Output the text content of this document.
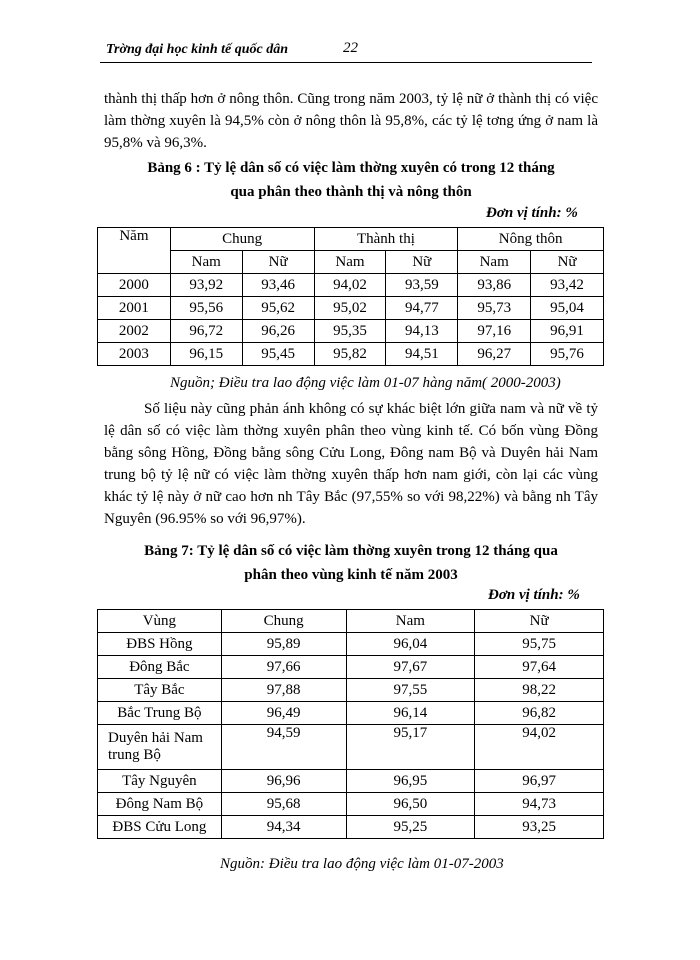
Trờng đại học kinh tế quốc dân	22

thành thị thấp hơn ở nông thôn. Cũng trong năm 2003, tỷ lệ nữ ở thành thị có việc làm thờng xuyên là 94,5% còn ở nông thôn là 95,8%, các tỷ lệ tơng ứng ở nam là 95,8% và 96,3%.

Bảng 6 : Tỷ lệ dân số có việc làm thờng xuyên có trong 12 tháng

qua phân theo thành thị và nông thôn

Đơn vị tính: %
Năm	Chung		Thành thị		Nông thôn	
	Nam	Nữ	Nam	Nữ	Nam	Nữ
2000	93,92	93,46	94,02	93,59	93,86	93,42
2001	95,56	95,62	95,02	94,77	95,73	95,04
2002	96,72	96,26	95,35	94,13	97,16	96,91
2003	96,15	95,45	95,82	94,51	96,27	95,76
Nguồn; Điều tra lao động việc làm 01-07 hàng năm( 2000-2003)

Số liệu này cũng phản ánh không có sự khác biệt lớn giữa nam và nữ về tỷ lệ dân số có việc làm thờng xuyên phân theo vùng kinh tế. Có bốn vùng Đồng bằng sông Hồng, Đồng bằng sông Cửu Long, Đông nam Bộ và Duyên hải Nam trung bộ tỷ lệ nữ có việc làm thờng xuyên thấp hơn nam giới, còn lại các vùng khác tỷ lệ này ở nữ cao hơn nh Tây Bắc (97,55% so với 98,22%) và bằng nh Tây Nguyên (96.95% so với 96,97%).

Bảng 7: Tỷ lệ dân số có việc làm thờng xuyên trong 12 tháng qua

phân theo vùng kinh tế năm 2003

Đơn vị tính: %
Vùng	Chung	Nam	Nữ
ĐBS Hồng	95,89	96,04	95,75
Đông Bắc	97,66	97,67	97,64
Tây Bắc	97,88	97,55	98,22
Bắc Trung Bộ	96,49	96,14	96,82
Duyên hải Nam trung Bộ	94,59	95,17	94,02
Tây Nguyên	96,96	96,95	96,97
Đông Nam Bộ	95,68	96,50	94,73
ĐBS Cửu Long	94,34	95,25	93,25
Nguồn: Điều tra lao động việc làm 01-07-2003
